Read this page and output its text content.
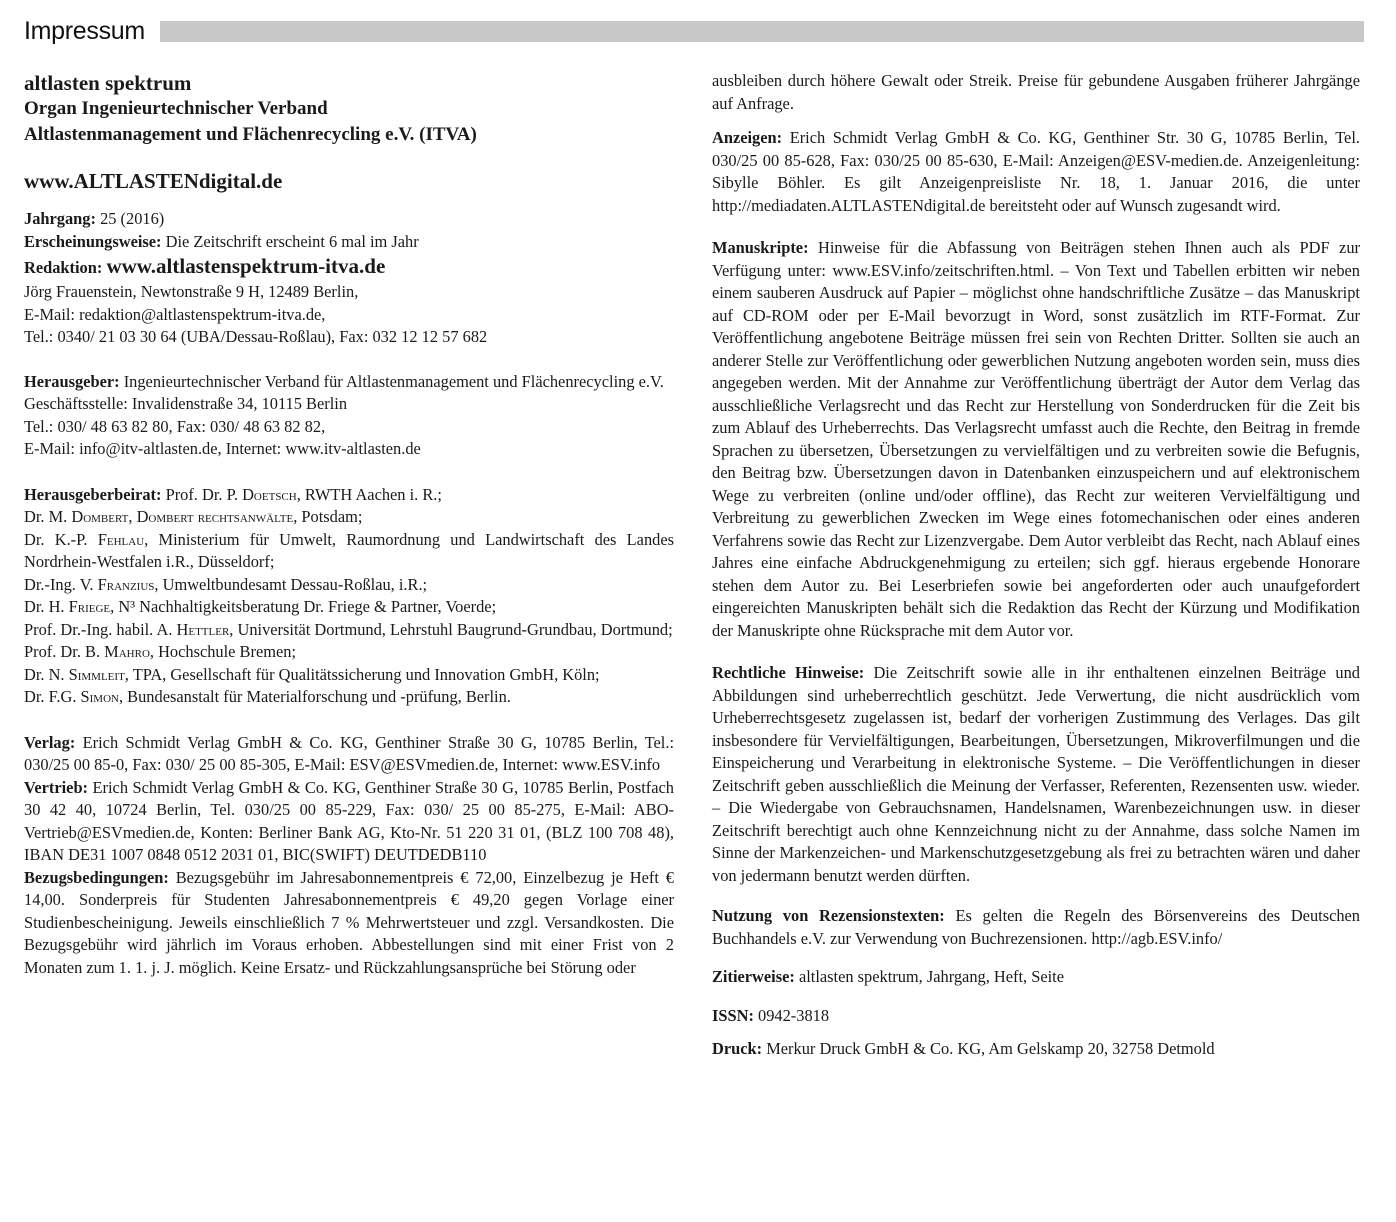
Impressum

altlasten spektrum

Organ Ingenieurtechnischer Verband

Altlastenmanagement und Flächenrecycling e.V. (ITVA)

www.ALTLASTENdigital.de

Jahrgang: 25 (2016)

Erscheinungsweise: Die Zeitschrift erscheint 6 mal im Jahr

Redaktion: www.altlastenspektrum-itva.de

Jörg Frauenstein, Newtonstraße 9 H, 12489 Berlin,

E-Mail: redaktion@altlastenspektrum-itva.de,

Tel.: 0340/ 21 03 30 64 (UBA/Dessau-Roßlau), Fax: 032 12 12 57 682

Herausgeber: Ingenieurtechnischer Verband für Altlastenmanagement und Flächenrecycling e.V.

Geschäftsstelle: Invalidenstraße 34, 10115 Berlin

Tel.: 030/ 48 63 82 80, Fax: 030/ 48 63 82 82,

E-Mail: info@itv-altlasten.de, Internet: www.itv-altlasten.de

Herausgeberbeirat: Prof. Dr. P. Doetsch, RWTH Aachen i. R.;

Dr. M. Dombert, Dombert rechtsanwälte, Potsdam;

Dr. K.-P. Fehlau, Ministerium für Umwelt, Raumordnung und Landwirtschaft des Landes Nordrhein-Westfalen i.R., Düsseldorf;

Dr.-Ing. V. Franzius, Umweltbundesamt Dessau-Roßlau, i.R.;

Dr. H. Friege, N³ Nachhaltigkeitsberatung Dr. Friege & Partner, Voerde;

Prof. Dr.-Ing. habil. A. Hettler, Universität Dortmund, Lehrstuhl Baugrund-Grundbau, Dortmund;

Prof. Dr. B. Mahro, Hochschule Bremen;

Dr. N. Simmleit, TPA, Gesellschaft für Qualitätssicherung und Innovation GmbH, Köln;

Dr. F.G. Simon, Bundesanstalt für Materialforschung und -prüfung, Berlin.

Verlag: Erich Schmidt Verlag GmbH & Co. KG, Genthiner Straße 30 G, 10785 Berlin, Tel.: 030/25 00 85-0, Fax: 030/ 25 00 85-305, E-Mail: ESV@ESVmedien.de, Internet: www.ESV.info

Vertrieb: Erich Schmidt Verlag GmbH & Co. KG, Genthiner Straße 30 G, 10785 Berlin, Postfach 30 42 40, 10724 Berlin, Tel. 030/25 00 85-229, Fax: 030/ 25 00 85-275, E-Mail: ABO-Vertrieb@ESVmedien.de, Konten: Berliner Bank AG, Kto-Nr. 51 220 31 01, (BLZ 100 708 48), IBAN DE31 1007 0848 0512 2031 01, BIC(SWIFT) DEUTDEDB110

Bezugsbedingungen: Bezugsgebühr im Jahresabonnementpreis € 72,00, Einzelbezug je Heft € 14,00. Sonderpreis für Studenten Jahresabonnementpreis € 49,20 gegen Vorlage einer Studienbescheinigung. Jeweils einschließlich 7 % Mehrwertsteuer und zzgl. Versandkosten. Die Bezugsgebühr wird jährlich im Voraus erhoben. Abbestellungen sind mit einer Frist von 2 Monaten zum 1. 1. j. J. möglich. Keine Ersatz- und Rückzahlungsansprüche bei Störung oder

ausbleiben durch höhere Gewalt oder Streik. Preise für gebundene Ausgaben früherer Jahrgänge auf Anfrage.

Anzeigen: Erich Schmidt Verlag GmbH & Co. KG, Genthiner Str. 30 G, 10785 Berlin, Tel. 030/25 00 85-628, Fax: 030/25 00 85-630, E-Mail: Anzeigen@ESV-medien.de. Anzeigenleitung: Sibylle Böhler. Es gilt Anzeigenpreisliste Nr. 18, 1. Januar 2016, die unter http://mediadaten.ALTLASTENdigital.de bereitsteht oder auf Wunsch zugesandt wird.

Manuskripte: Hinweise für die Abfassung von Beiträgen stehen Ihnen auch als PDF zur Verfügung unter: www.ESV.info/zeitschriften.html. – Von Text und Tabellen erbitten wir neben einem sauberen Ausdruck auf Papier – möglichst ohne handschriftliche Zusätze – das Manuskript auf CD-ROM oder per E-Mail bevorzugt in Word, sonst zusätzlich im RTF-Format. Zur Veröffentlichung angebotene Beiträge müssen frei sein von Rechten Dritter. Sollten sie auch an anderer Stelle zur Veröffentlichung oder gewerblichen Nutzung angeboten worden sein, muss dies angegeben werden. Mit der Annahme zur Veröffentlichung überträgt der Autor dem Verlag das ausschließliche Verlagsrecht und das Recht zur Herstellung von Sonderdrucken für die Zeit bis zum Ablauf des Urheberrechts. Das Verlagsrecht umfasst auch die Rechte, den Beitrag in fremde Sprachen zu übersetzen, Übersetzungen zu vervielfältigen und zu verbreiten sowie die Befugnis, den Beitrag bzw. Übersetzungen davon in Datenbanken einzuspeichern und auf elektronischem Wege zu verbreiten (online und/oder offline), das Recht zur weiteren Vervielfältigung und Verbreitung zu gewerblichen Zwecken im Wege eines fotomechanischen oder eines anderen Verfahrens sowie das Recht zur Lizenzvergabe. Dem Autor verbleibt das Recht, nach Ablauf eines Jahres eine einfache Abdruckgenehmigung zu erteilen; sich ggf. hieraus ergebende Honorare stehen dem Autor zu. Bei Leserbriefen sowie bei angeforderten oder auch unaufgefordert eingereichten Manuskripten behält sich die Redaktion das Recht der Kürzung und Modifikation der Manuskripte ohne Rücksprache mit dem Autor vor.

Rechtliche Hinweise: Die Zeitschrift sowie alle in ihr enthaltenen einzelnen Beiträge und Abbildungen sind urheberrechtlich geschützt. Jede Verwertung, die nicht ausdrücklich vom Urheberrechtsgesetz zugelassen ist, bedarf der vorherigen Zustimmung des Verlages. Das gilt insbesondere für Vervielfältigungen, Bearbeitungen, Übersetzungen, Mikroverfilmungen und die Einspeicherung und Verarbeitung in elektronische Systeme. – Die Veröffentlichungen in dieser Zeitschrift geben ausschließlich die Meinung der Verfasser, Referenten, Rezensenten usw. wieder. – Die Wiedergabe von Gebrauchsnamen, Handelsnamen, Warenbezeichnungen usw. in dieser Zeitschrift berechtigt auch ohne Kennzeichnung nicht zu der Annahme, dass solche Namen im Sinne der Markenzeichen- und Markenschutzgesetzgebung als frei zu betrachten wären und daher von jedermann benutzt werden dürften.

Nutzung von Rezensionstexten: Es gelten die Regeln des Börsenvereins des Deutschen Buchhandels e.V. zur Verwendung von Buchrezensionen. http://agb.ESV.info/

Zitierweise: altlasten spektrum, Jahrgang, Heft, Seite

ISSN: 0942-3818

Druck: Merkur Druck GmbH & Co. KG, Am Gelskamp 20, 32758 Detmold
